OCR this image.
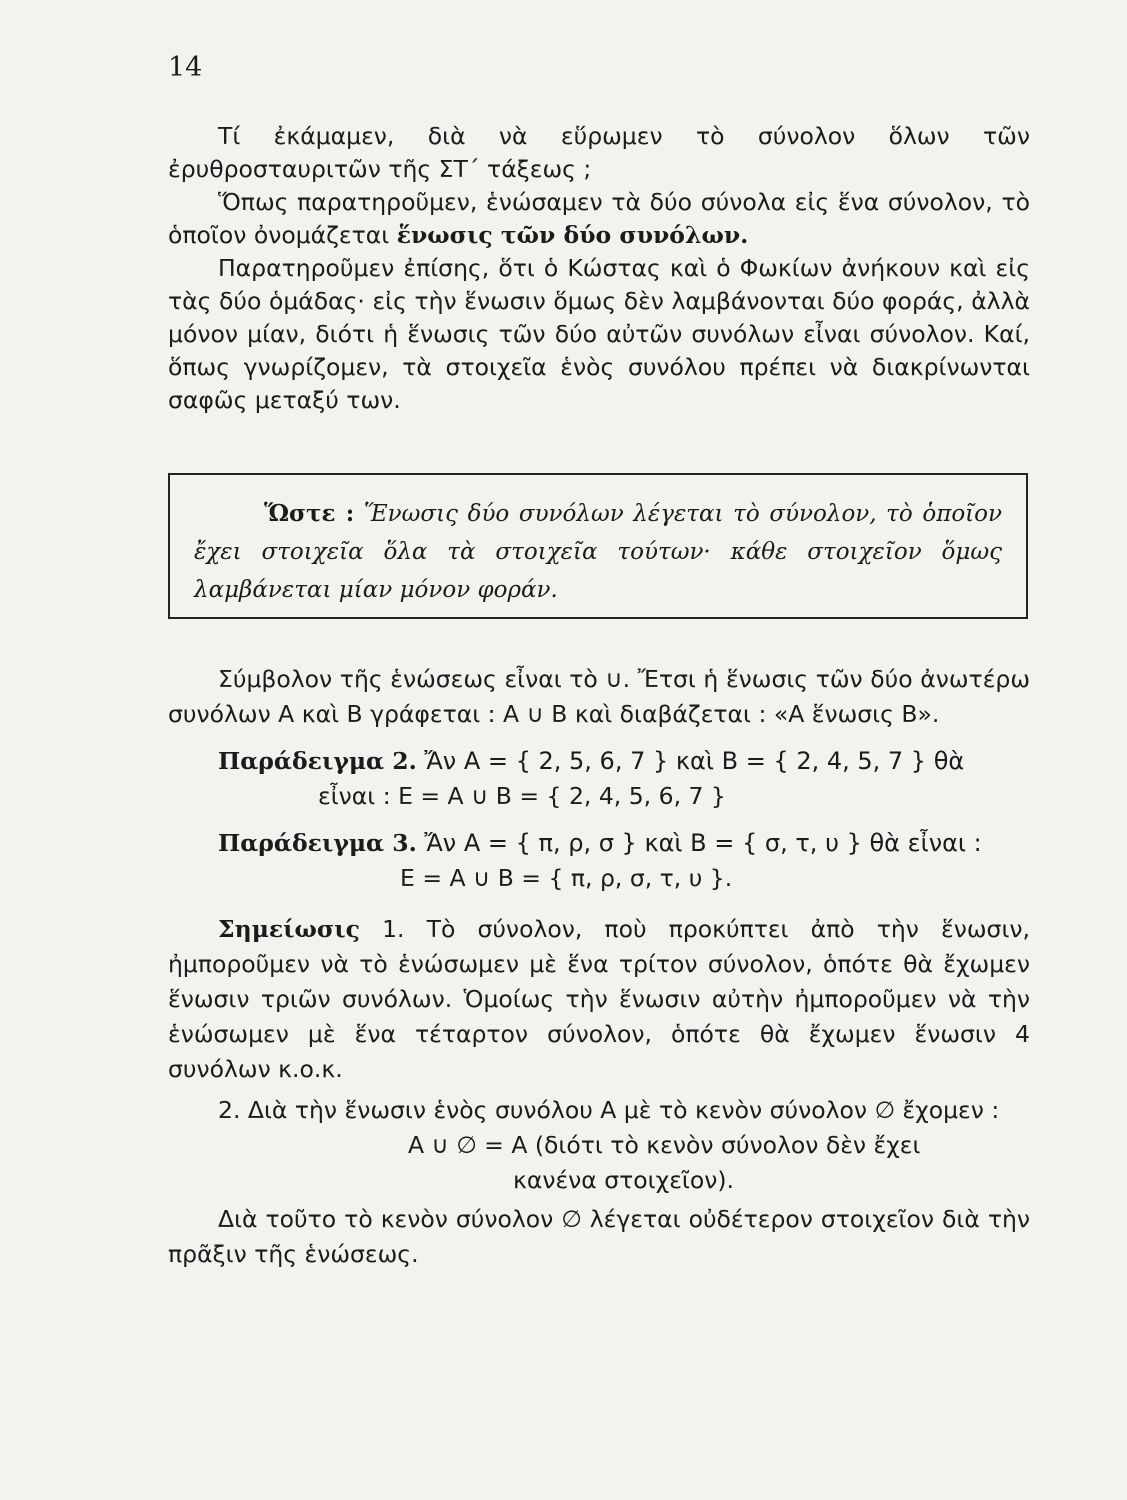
14

Τί ἐκάμαμεν, διὰ νὰ εὕρωμεν τὸ σύνολον ὅλων τῶν ἐρυθροσταυριτῶν τῆς ΣΤ΄ τάξεως ;

Ὅπως παρατηροῦμεν, ἑνώσαμεν τὰ δύο σύνολα εἰς ἕνα σύνολον, τὸ ὁποῖον ὀνομάζεται ἕνωσις τῶν δύο συνόλων.

Παρατηροῦμεν ἐπίσης, ὅτι ὁ Κώστας καὶ ὁ Φωκίων ἀνήκουν καὶ εἰς τὰς δύο ὁμάδας· εἰς τὴν ἕνωσιν ὅμως δὲν λαμβάνονται δύο φοράς, ἀλλὰ μόνον μίαν, διότι ἡ ἕνωσις τῶν δύο αὐτῶν συνόλων εἶναι σύνολον. Καί, ὅπως γνωρίζομεν, τὰ στοιχεῖα ἑνὸς συνόλου πρέπει νὰ διακρίνωνται σαφῶς μεταξύ των.

Ὥστε : Ἕνωσις δύο συνόλων λέγεται τὸ σύνολον, τὸ ὁποῖον ἔχει στοιχεῖα ὅλα τὰ στοιχεῖα τούτων· κάθε στοιχεῖον ὅμως λαμβάνεται μίαν μόνον φοράν.

Σύμβολον τῆς ἑνώσεως εἶναι τὸ ∪. Ἔτσι ἡ ἕνωσις τῶν δύο ἀνωτέρω συνόλων Α καὶ Β γράφεται : Α ∪ Β καὶ διαβάζεται : «Α ἕνωσις Β».

Παράδειγμα 2. Ἄν Α = { 2, 5, 6, 7 } καὶ Β = { 2, 4, 5, 7 } θὰ

εἶναι : Ε = Α ∪ Β = { 2, 4, 5, 6, 7 }

Παράδειγμα 3. Ἄν Α = { π, ρ, σ } καὶ Β = { σ, τ, υ } θὰ εἶναι :

Ε = Α ∪ Β = { π, ρ, σ, τ, υ }.

Σημείωσις 1. Τὸ σύνολον, ποὺ προκύπτει ἀπὸ τὴν ἕνωσιν, ἠμποροῦμεν νὰ τὸ ἑνώσωμεν μὲ ἕνα τρίτον σύνολον, ὁπότε θὰ ἔχωμεν ἕνωσιν τριῶν συνόλων. Ὁμοίως τὴν ἕνωσιν αὐτὴν ἠμποροῦμεν νὰ τὴν ἑνώσωμεν μὲ ἕνα τέταρτον σύνολον, ὁπότε θὰ ἔχωμεν ἕνωσιν 4 συνόλων κ.ο.κ.

2. Διὰ τὴν ἕνωσιν ἑνὸς συνόλου Α μὲ τὸ κενὸν σύνολον ∅ ἔχομεν :

Α ∪ ∅ = Α (διότι τὸ κενὸν σύνολον δὲν ἔχει

κανένα στοιχεῖον).

Διὰ τοῦτο τὸ κενὸν σύνολον ∅ λέγεται οὐδέτερον στοιχεῖον διὰ τὴν πρᾶξιν τῆς ἑνώσεως.
